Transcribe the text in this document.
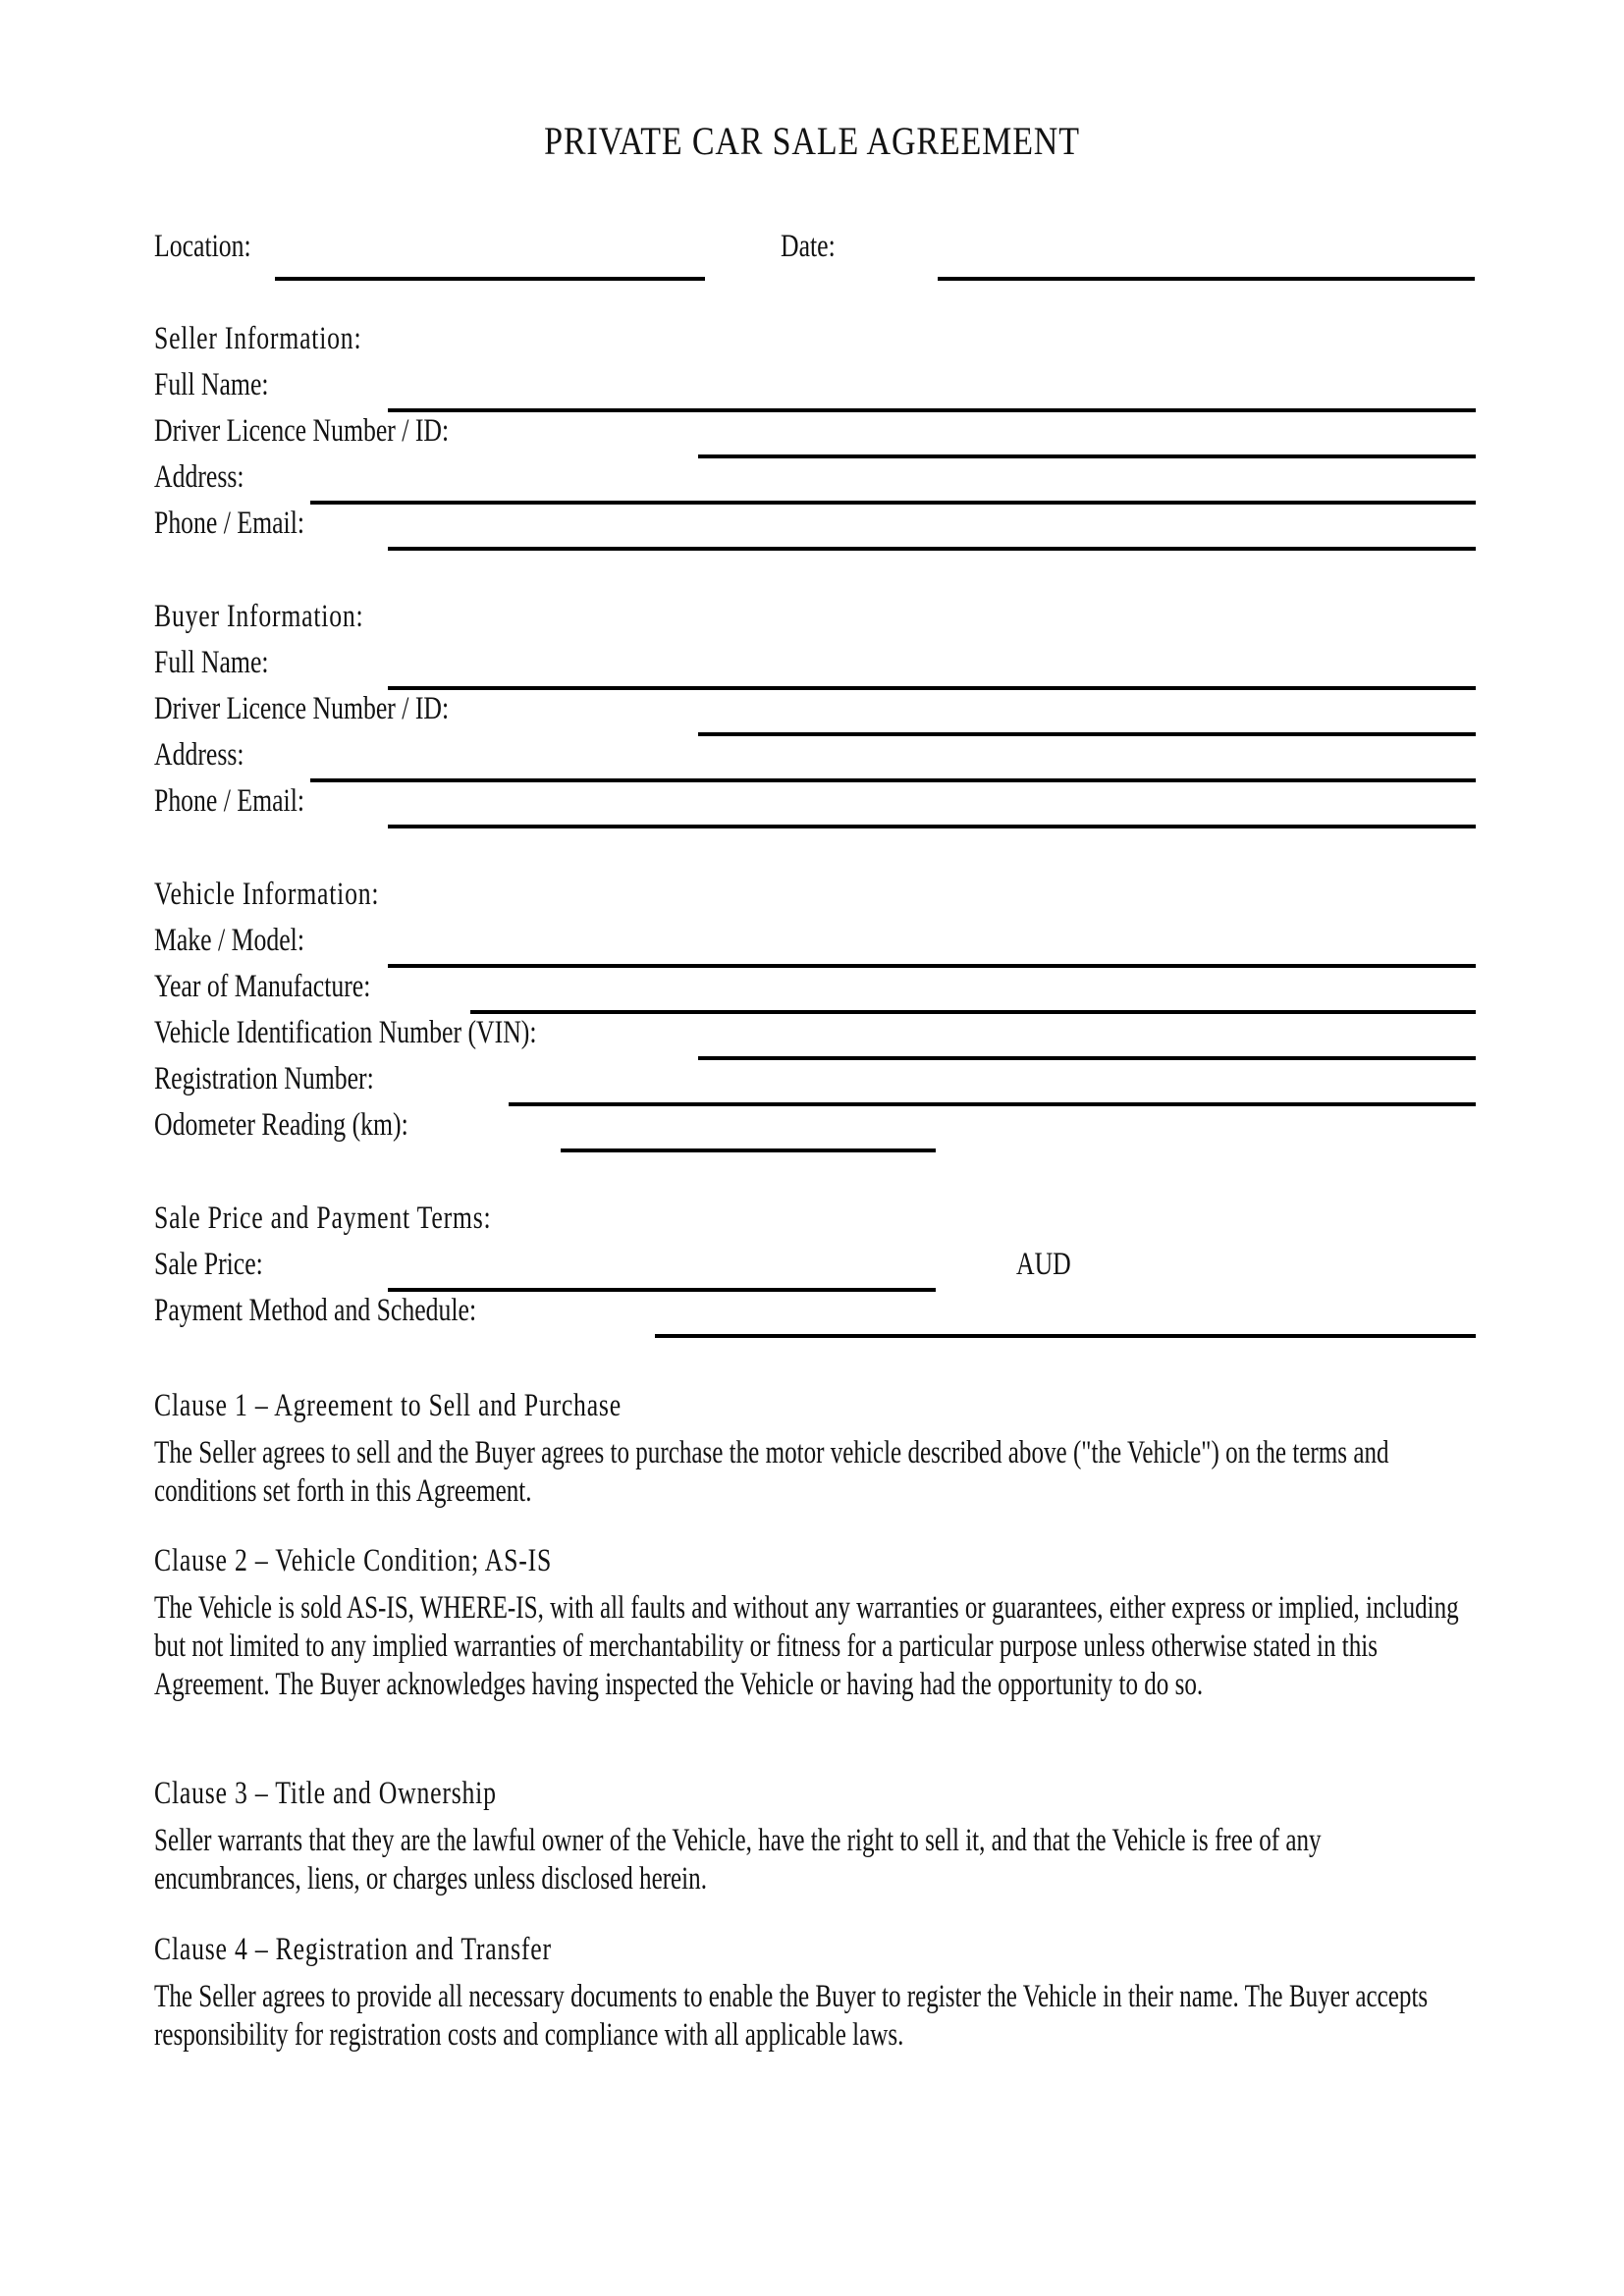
PRIVATE CAR SALE AGREEMENT
Location:	Date:
Seller Information:
Full Name:
Driver Licence Number / ID:
Address:
Phone / Email:
Buyer Information:
Full Name:
Driver Licence Number / ID:
Address:
Phone / Email:
Vehicle Information:
Make / Model:
Year of Manufacture:
Vehicle Identification Number (VIN):
Registration Number:
Odometer Reading (km):
Sale Price and Payment Terms:
Sale Price:	AUD
Payment Method and Schedule:
Clause 1 – Agreement to Sell and Purchase
The Seller agrees to sell and the Buyer agrees to purchase the motor vehicle described above ("the Vehicle") on the terms and conditions set forth in this Agreement.
Clause 2 – Vehicle Condition; AS-IS
The Vehicle is sold AS-IS, WHERE-IS, with all faults and without any warranties or guarantees, either express or implied, including but not limited to any implied warranties of merchantability or fitness for a particular purpose unless otherwise stated in this Agreement. The Buyer acknowledges having inspected the Vehicle or having had the opportunity to do so.
Clause 3 – Title and Ownership
Seller warrants that they are the lawful owner of the Vehicle, have the right to sell it, and that the Vehicle is free of any encumbrances, liens, or charges unless disclosed herein.
Clause 4 – Registration and Transfer
The Seller agrees to provide all necessary documents to enable the Buyer to register the Vehicle in their name. The Buyer accepts responsibility for registration costs and compliance with all applicable laws.
